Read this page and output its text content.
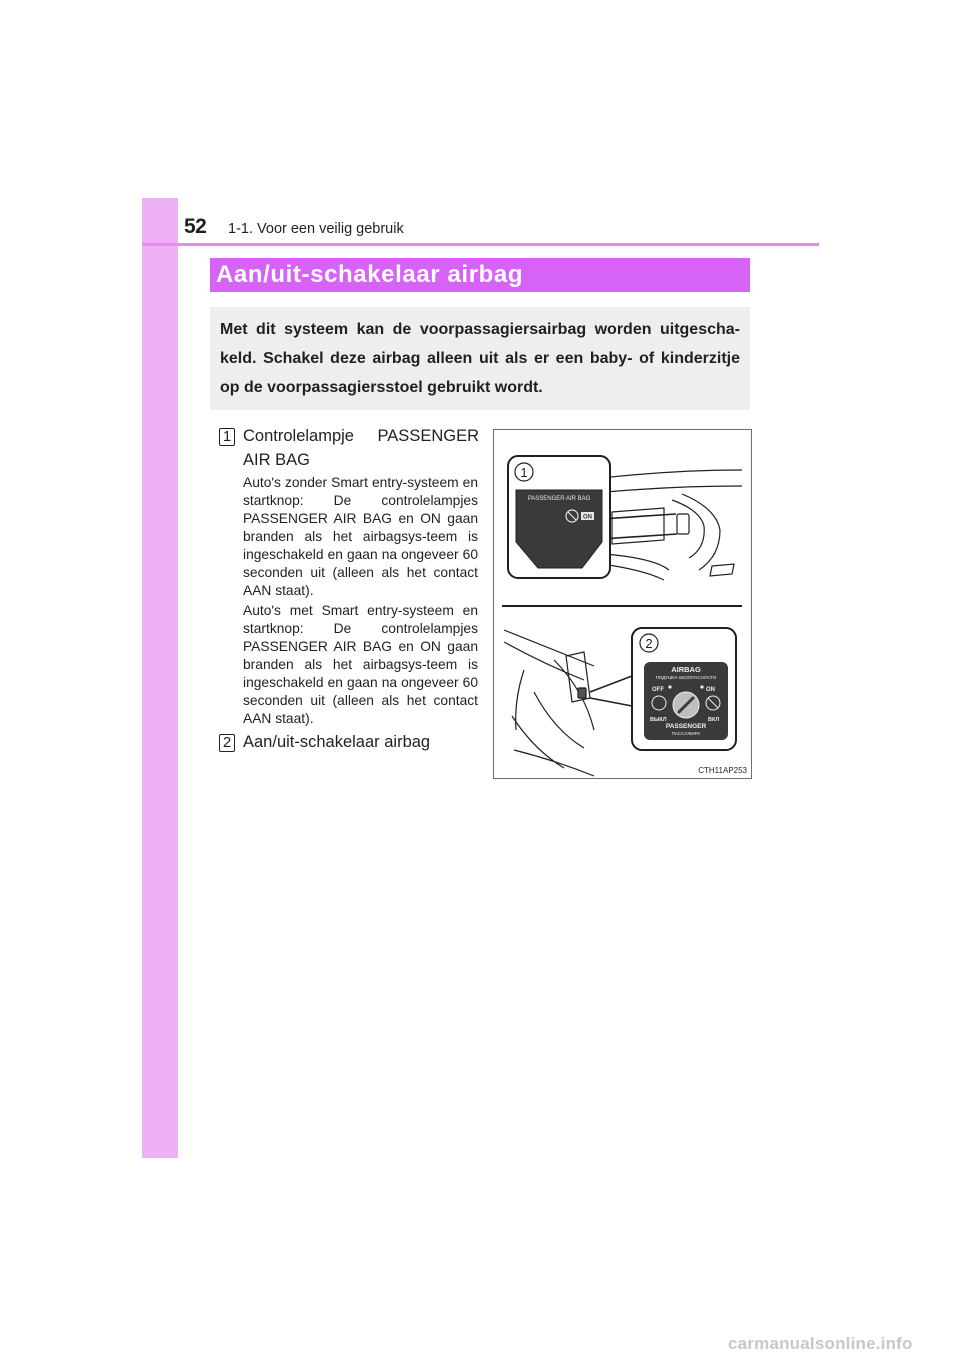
52 1-1. Voor een veilig gebruik
Aan/uit-schakelaar airbag

Met dit systeem kan de voorpassagiersairbag worden uitgescha-keld. Schakel deze airbag alleen uit als er een baby- of kinderzitje op de voorpassagiersstoel gebruikt wordt.

1 Controlelampje PASSENGER AIR BAG

Auto's zonder Smart entry-systeem en startknop: De controlelampjes PASSENGER AIR BAG en ON gaan branden als het airbagsys-teem is ingeschakeld en gaan na ongeveer 60 seconden uit (alleen als het contact AAN staat).

Auto's met Smart entry-systeem en startknop: De controlelampjes PASSENGER AIR BAG en ON gaan branden als het airbagsys-teem is ingeschakeld en gaan na ongeveer 60 seconden uit (alleen als het contact AAN staat).

2 Aan/uit-schakelaar airbag
1
PASSENGER AIR BAG
ON
2
AIRBAG
ПОДУШКА БЕЗОПАСНОСТИ
OFF	ON
ВЫКЛ	ВКЛ
PASSENGER
ПАССАЖИРА
CTH11AP253
carmanualsonline.info
